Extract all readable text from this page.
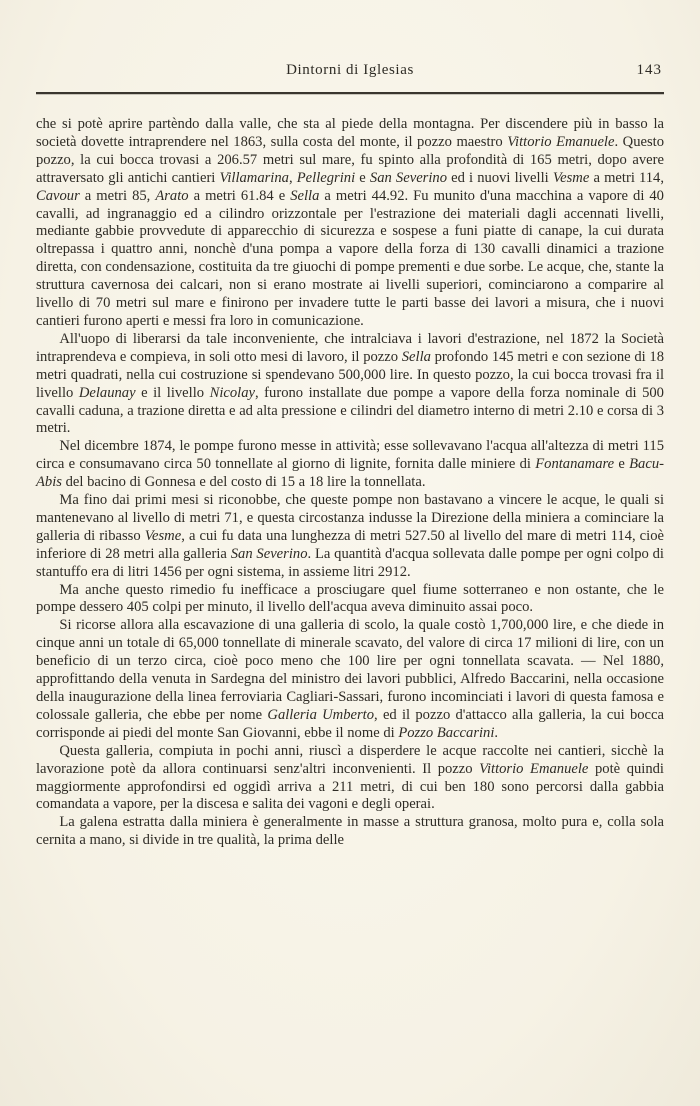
Dintorni di Iglesias	143

che si potè aprire partèndo dalla valle, che sta al piede della montagna. Per discendere più in basso la società dovette intraprendere nel 1863, sulla costa del monte, il pozzo maestro Vittorio Emanuele. Questo pozzo, la cui bocca trovasi a 206.57 metri sul mare, fu spinto alla profondità di 165 metri, dopo avere attraversato gli antichi cantieri Villamarina, Pellegrini e San Severino ed i nuovi livelli Vesme a metri 114, Cavour a metri 85, Arato a metri 61.84 e Sella a metri 44.92. Fu munito d'una macchina a vapore di 40 cavalli, ad ingranaggio ed a cilindro orizzontale per l'estrazione dei materiali dagli accennati livelli, mediante gabbie provvedute di apparecchio di sicurezza e sospese a funi piatte di canape, la cui durata oltrepassa i quattro anni, nonchè d'una pompa a vapore della forza di 130 cavalli dinamici a trazione diretta, con condensazione, costituita da tre giuochi di pompe prementi e due sorbe. Le acque, che, stante la struttura cavernosa dei calcari, non si erano mostrate ai livelli superiori, cominciarono a comparire al livello di 70 metri sul mare e finirono per invadere tutte le parti basse dei lavori a misura, che i nuovi cantieri furono aperti e messi fra loro in comunicazione.

All'uopo di liberarsi da tale inconveniente, che intralciava i lavori d'estrazione, nel 1872 la Società intraprendeva e compieva, in soli otto mesi di lavoro, il pozzo Sella profondo 145 metri e con sezione di 18 metri quadrati, nella cui costruzione si spendevano 500,000 lire. In questo pozzo, la cui bocca trovasi fra il livello Delaunay e il livello Nicolay, furono installate due pompe a vapore della forza nominale di 500 cavalli caduna, a trazione diretta e ad alta pressione e cilindri del diametro interno di metri 2.10 e corsa di 3 metri.

Nel dicembre 1874, le pompe furono messe in attività; esse sollevavano l'acqua all'altezza di metri 115 circa e consumavano circa 50 tonnellate al giorno di lignite, fornita dalle miniere di Fontanamare e Bacu-Abis del bacino di Gonnesa e del costo di 15 a 18 lire la tonnellata.

Ma fino dai primi mesi si riconobbe, che queste pompe non bastavano a vincere le acque, le quali si mantenevano al livello di metri 71, e questa circostanza indusse la Direzione della miniera a cominciare la galleria di ribasso Vesme, a cui fu data una lunghezza di metri 527.50 al livello del mare di metri 114, cioè inferiore di 28 metri alla galleria San Severino. La quantità d'acqua sollevata dalle pompe per ogni colpo di stantuffo era di litri 1456 per ogni sistema, in assieme litri 2912.

Ma anche questo rimedio fu inefficace a prosciugare quel fiume sotterraneo e non ostante, che le pompe dessero 405 colpi per minuto, il livello dell'acqua aveva diminuito assai poco.

Si ricorse allora alla escavazione di una galleria di scolo, la quale costò 1,700,000 lire, e che diede in cinque anni un totale di 65,000 tonnellate di minerale scavato, del valore di circa 17 milioni di lire, con un beneficio di un terzo circa, cioè poco meno che 100 lire per ogni tonnellata scavata. — Nel 1880, approfittando della venuta in Sardegna del ministro dei lavori pubblici, Alfredo Baccarini, nella occasione della inaugurazione della linea ferroviaria Cagliari-Sassari, furono incominciati i lavori di questa famosa e colossale galleria, che ebbe per nome Galleria Umberto, ed il pozzo d'attacco alla galleria, la cui bocca corrisponde ai piedi del monte San Giovanni, ebbe il nome di Pozzo Baccarini.

Questa galleria, compiuta in pochi anni, riuscì a disperdere le acque raccolte nei cantieri, sicchè la lavorazione potè da allora continuarsi senz'altri inconvenienti. Il pozzo Vittorio Emanuele potè quindi maggiormente approfondirsi ed oggidì arriva a 211 metri, di cui ben 180 sono percorsi dalla gabbia comandata a vapore, per la discesa e salita dei vagoni e degli operai.

La galena estratta dalla miniera è generalmente in masse a struttura granosa, molto pura e, colla sola cernita a mano, si divide in tre qualità, la prima delle
